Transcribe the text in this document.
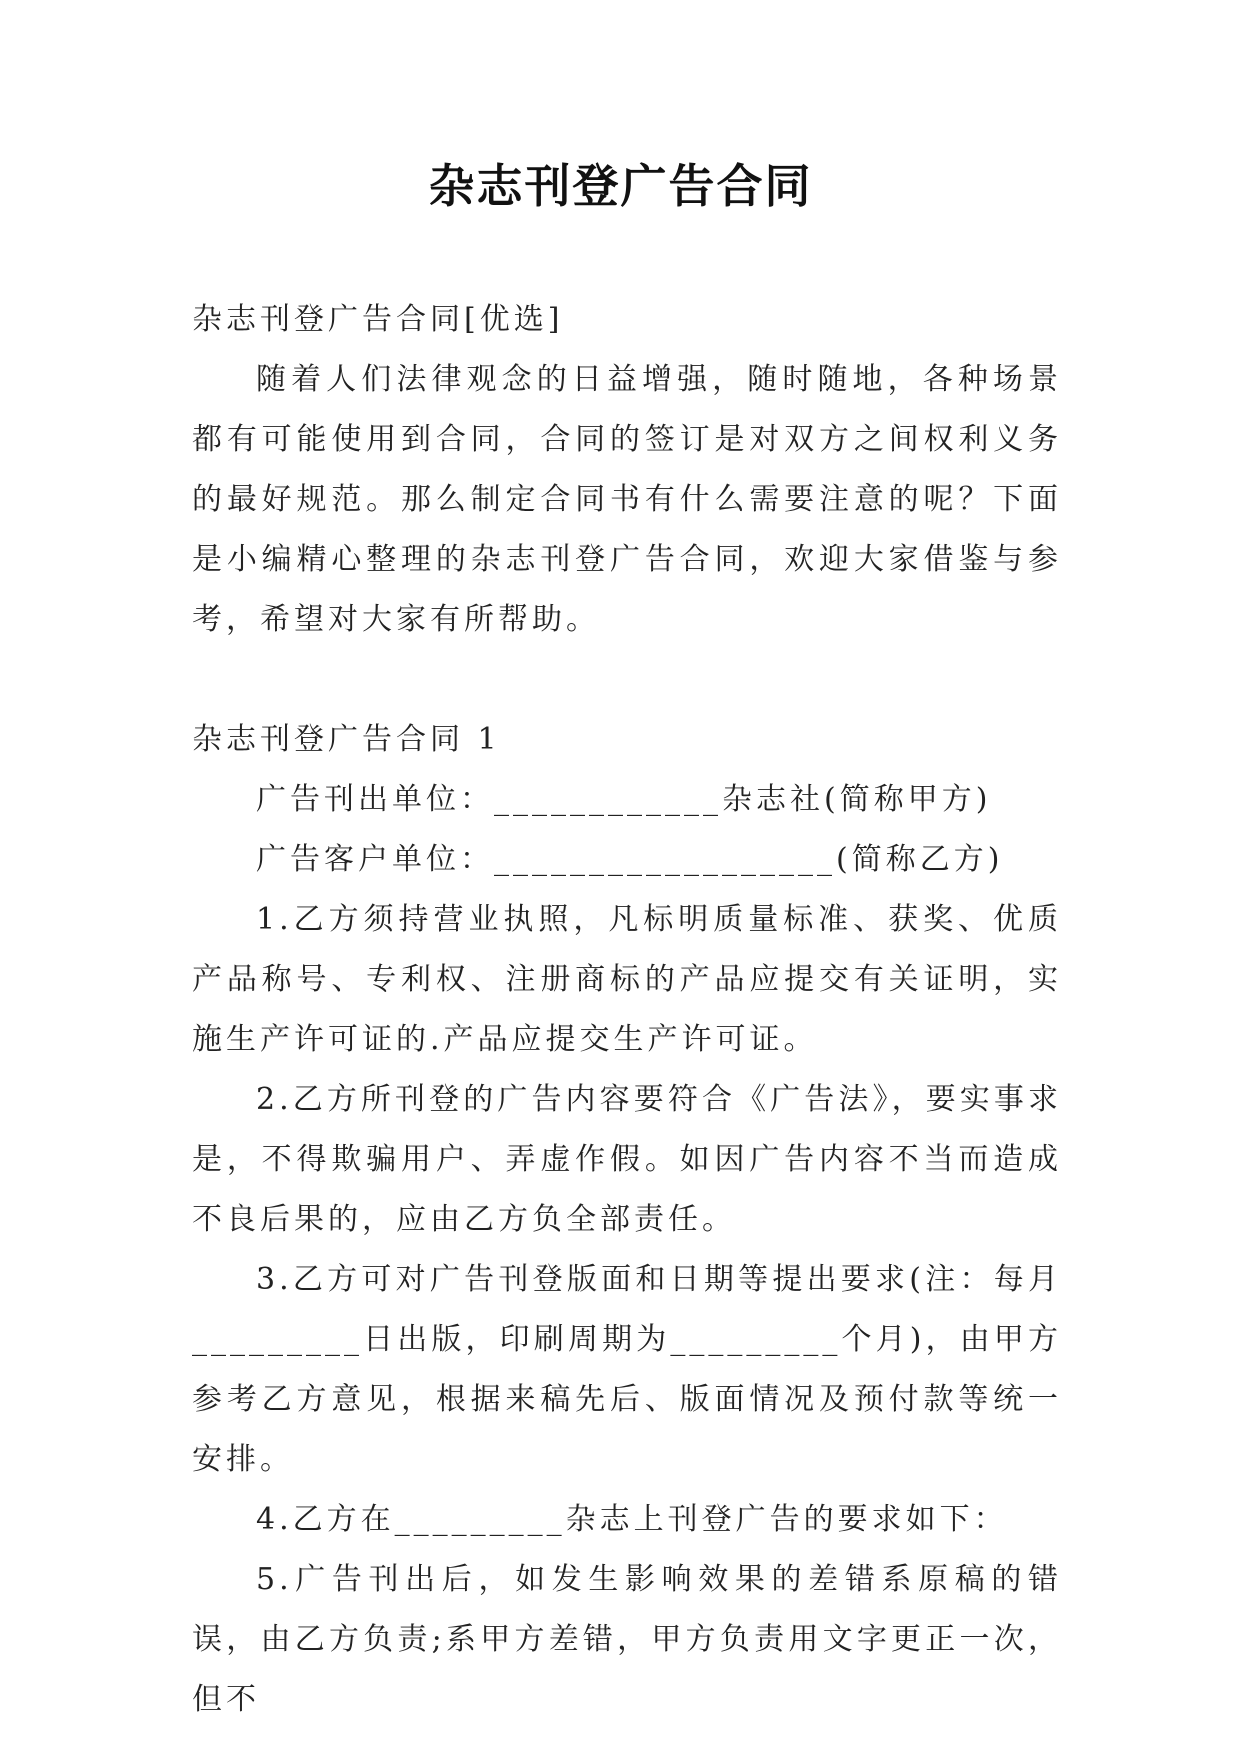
杂志刊登广告合同

杂志刊登广告合同[优选]

随着人们法律观念的日益增强，随时随地，各种场景都有可能使用到合同，合同的签订是对双方之间权利义务的最好规范。那么制定合同书有什么需要注意的呢？下面是小编精心整理的杂志刊登广告合同，欢迎大家借鉴与参考，希望对大家有所帮助。

杂志刊登广告合同 1

广告刊出单位：____________杂志社(简称甲方)

广告客户单位：__________________(简称乙方)

1.乙方须持营业执照，凡标明质量标准、获奖、优质产品称号、专利权、注册商标的产品应提交有关证明，实施生产许可证的.产品应提交生产许可证。

2.乙方所刊登的广告内容要符合《广告法》，要实事求是，不得欺骗用户、弄虚作假。如因广告内容不当而造成不良后果的，应由乙方负全部责任。

3.乙方可对广告刊登版面和日期等提出要求(注：每月_________日出版，印刷周期为_________个月)，由甲方参考乙方意见，根据来稿先后、版面情况及预付款等统一安排。

4.乙方在_________杂志上刊登广告的要求如下：

5.广告刊出后，如发生影响效果的差错系原稿的错误，由乙方负责;系甲方差错，甲方负责用文字更正一次，但不
